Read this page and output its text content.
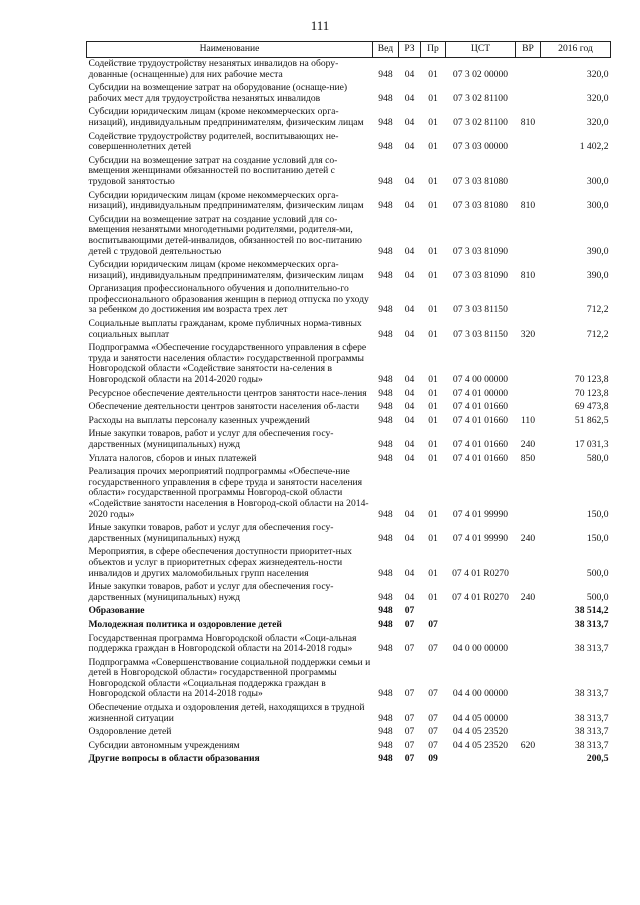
111
Наименование	Вед	РЗ	Пр	ЦСТ	ВР	2016 год
Содействие трудоустройству незанятых инвалидов на обору-дованные (оснащенные) для них рабочие места	948	04	01	07 3 02 00000		320,0
Субсидии на возмещение затрат на оборудование (оснаще-ние) рабочих мест для трудоустройства незанятых инвалидов	948	04	01	07 3 02 81100		320,0
Субсидии юридическим лицам (кроме некоммерческих орга-низаций), индивидуальным предпринимателям, физическим лицам	948	04	01	07 3 02 81100	810	320,0
Содействие трудоустройству родителей, воспитывающих не-совершеннолетних детей	948	04	01	07 3 03 00000		1 402,2
Субсидии на возмещение затрат на создание условий для со-вмещения женщинами обязанностей по воспитанию детей с трудовой занятостью	948	04	01	07 3 03 81080		300,0
Субсидии юридическим лицам (кроме некоммерческих орга-низаций), индивидуальным предпринимателям, физическим лицам	948	04	01	07 3 03 81080	810	300,0
Субсидии на возмещение затрат на создание условий для со-вмещения незанятыми многодетными родителями, родителя-ми, воспитывающими детей-инвалидов, обязанностей по вос-питанию детей с трудовой деятельностью	948	04	01	07 3 03 81090		390,0
Субсидии юридическим лицам (кроме некоммерческих орга-низаций), индивидуальным предпринимателям, физическим лицам	948	04	01	07 3 03 81090	810	390,0
Организация профессионального обучения и дополнительно-го профессионального образования женщин в период отпуска по уходу за ребенком до достижения им возраста трех лет	948	04	01	07 3 03 81150		712,2
Социальные выплаты гражданам, кроме публичных норма-тивных социальных выплат	948	04	01	07 3 03 81150	320	712,2
Подпрограмма «Обеспечение государственного управления в сфере труда и занятости населения области» государственной программы Новгородской области «Содействие занятости на-селения в Новгородской области на 2014-2020 годы»	948	04	01	07 4 00 00000		70 123,8
Ресурсное обеспечение деятельности центров занятости насе-ления	948	04	01	07 4 01 00000		70 123,8
Обеспечение деятельности центров занятости населения об-ласти	948	04	01	07 4 01 01660		69 473,8
Расходы на выплаты персоналу казенных учреждений	948	04	01	07 4 01 01660	110	51 862,5
Иные закупки товаров, работ и услуг для обеспечения госу-дарственных (муниципальных) нужд	948	04	01	07 4 01 01660	240	17 031,3
Уплата налогов, сборов и иных платежей	948	04	01	07 4 01 01660	850	580,0
Реализация прочих мероприятий подпрограммы «Обеспече-ние государственного управления в сфере труда и занятости населения области» государственной программы Новгород-ской области «Содействие занятости населения в Новгород-ской области на 2014-2020 годы»	948	04	01	07 4 01 99990		150,0
Иные закупки товаров, работ и услуг для обеспечения госу-дарственных (муниципальных) нужд	948	04	01	07 4 01 99990	240	150,0
Мероприятия, в сфере обеспечения доступности приоритет-ных объектов и услуг в приоритетных сферах жизнедеятель-ности инвалидов и других маломобильных групп населения	948	04	01	07 4 01 R0270		500,0
Иные закупки товаров, работ и услуг для обеспечения госу-дарственных (муниципальных) нужд	948	04	01	07 4 01 R0270	240	500,0
Образование	948	07				38 514,2
Молодежная политика и оздоровление детей	948	07	07			38 313,7
Государственная программа Новгородской области «Соци-альная поддержка граждан в Новгородской области на 2014-2018 годы»	948	07	07	04 0 00 00000		38 313,7
Подпрограмма «Совершенствование социальной поддержки семьи и детей в Новгородской области» государственной программы Новгородской области «Социальная поддержка граждан в Новгородской области на 2014-2018 годы»	948	07	07	04 4 00 00000		38 313,7
Обеспечение отдыха и оздоровления детей, находящихся в трудной жизненной ситуации	948	07	07	04 4 05 00000		38 313,7
Оздоровление детей	948	07	07	04 4 05 23520		38 313,7
Субсидии автономным учреждениям	948	07	07	04 4 05 23520	620	38 313,7
Другие вопросы в области образования	948	07	09			200,5
